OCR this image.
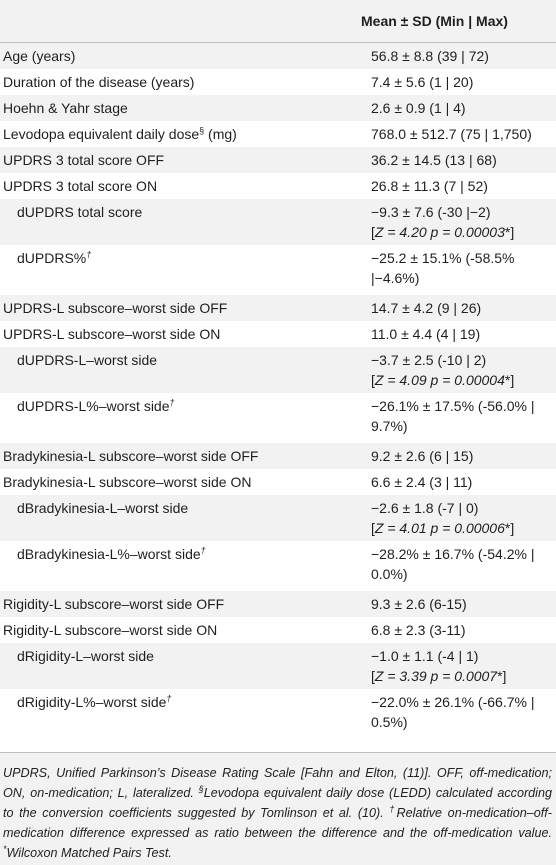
Mean ± SD (Min | Max)
Age (years)	56.8 ± 8.8 (39 | 72)
Duration of the disease (years)	7.4 ± 5.6 (1 | 20)
Hoehn & Yahr stage	2.6 ± 0.9 (1 | 4)
Levodopa equivalent daily dose§ (mg)	768.0 ± 512.7 (75 | 1,750)
UPDRS 3 total score OFF	36.2 ± 14.5 (13 | 68)
UPDRS 3 total score ON	26.8 ± 11.3 (7 | 52)
dUPDRS total score	−9.3 ± 7.6 (-30 |−2)
[Z = 4.20 p = 0.00003*]
dUPDRS%†	−25.2 ± 15.1% (-58.5%
|−4.6%)
UPDRS-L subscore–worst side OFF	14.7 ± 4.2 (9 | 26)
UPDRS-L subscore–worst side ON	11.0 ± 4.4 (4 | 19)
dUPDRS-L–worst side	−3.7 ± 2.5 (-10 | 2)
[Z = 4.09 p = 0.00004*]
dUPDRS-L%–worst side†	−26.1% ± 17.5% (-56.0% |
9.7%)
Bradykinesia-L subscore–worst side OFF	9.2 ± 2.6 (6 | 15)
Bradykinesia-L subscore–worst side ON	6.6 ± 2.4 (3 | 11)
dBradykinesia-L–worst side	−2.6 ± 1.8 (-7 | 0)
[Z = 4.01 p = 0.00006*]
dBradykinesia-L%–worst side†	−28.2% ± 16.7% (-54.2% |
0.0%)
Rigidity-L subscore–worst side OFF	9.3 ± 2.6 (6-15)
Rigidity-L subscore–worst side ON	6.8 ± 2.3 (3-11)
dRigidity-L–worst side	−1.0 ± 1.1 (-4 | 1)
[Z = 3.39 p = 0.0007*]
dRigidity-L%–worst side†	−22.0% ± 26.1% (-66.7% |
0.5%)

UPDRS, Unified Parkinson’s Disease Rating Scale [Fahn and Elton, (11)]. OFF, off-medication; ON, on-medication; L, lateralized. §Levodopa equivalent daily dose (LEDD) calculated according to the conversion coefficients suggested by Tomlinson et al. (10). †Relative on-medication–off-medication difference expressed as ratio between the difference and the off-medication value. *Wilcoxon Matched Pairs Test.
